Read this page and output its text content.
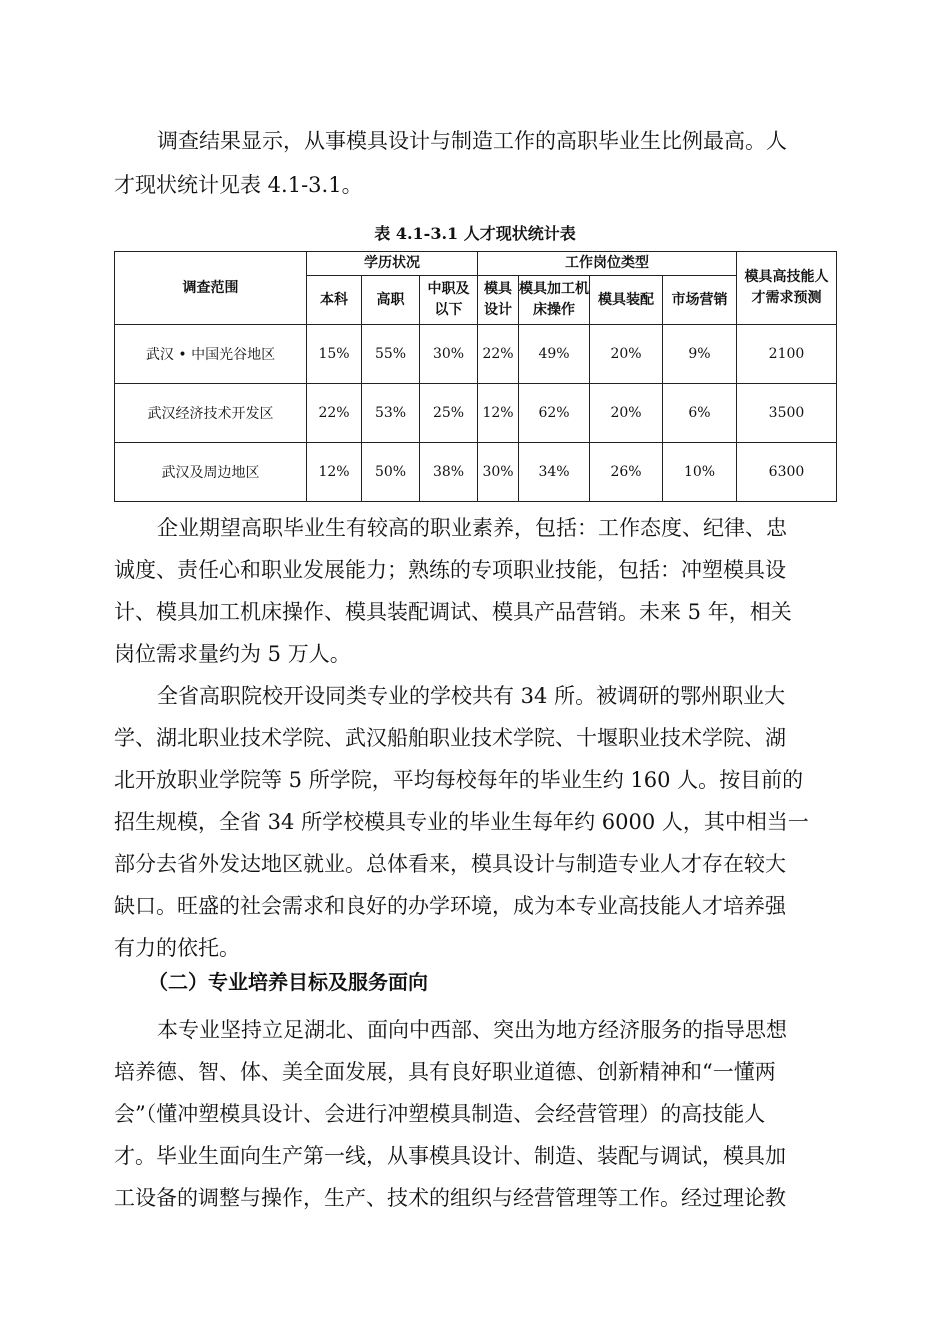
调查结果显示，从事模具设计与制造工作的高职毕业生比例最高。人
才现状统计见表 4.1-3.1。
表 4.1-3.1 人才现状统计表
调查范围	学历状况			工作岗位类型				模具高技能人才需求预测
	本科	高职	中职及以下	模具设计	模具加工机床操作	模具装配	市场营销	
武汉 • 中国光谷地区	15%	55%	30%	22%	49%	20%	9%	2100
武汉经济技术开发区	22%	53%	25%	12%	62%	20%	6%	3500
武汉及周边地区	12%	50%	38%	30%	34%	26%	10%	6300
企业期望高职毕业生有较高的职业素养，包括：工作态度、纪律、忠
诚度、责任心和职业发展能力；熟练的专项职业技能，包括：冲塑模具设
计、模具加工机床操作、模具装配调试、模具产品营销。未来 5 年，相关
岗位需求量约为 5 万人。
全省高职院校开设同类专业的学校共有 34 所。被调研的鄂州职业大
学、湖北职业技术学院、武汉船舶职业技术学院、十堰职业技术学院、湖
北开放职业学院等 5 所学院，平均每校每年的毕业生约 160 人。按目前的
招生规模，全省 34 所学校模具专业的毕业生每年约 6000 人，其中相当一
部分去省外发达地区就业。总体看来，模具设计与制造专业人才存在较大
缺口。旺盛的社会需求和良好的办学环境，成为本专业高技能人才培养强
有力的依托。
（二）专业培养目标及服务面向
本专业坚持立足湖北、面向中西部、突出为地方经济服务的指导思想
培养德、智、体、美全面发展，具有良好职业道德、创新精神和“一懂两
会”（懂冲塑模具设计、会进行冲塑模具制造、会经营管理）的高技能人
才。毕业生面向生产第一线，从事模具设计、制造、装配与调试，模具加
工设备的调整与操作，生产、技术的组织与经营管理等工作。经过理论教
